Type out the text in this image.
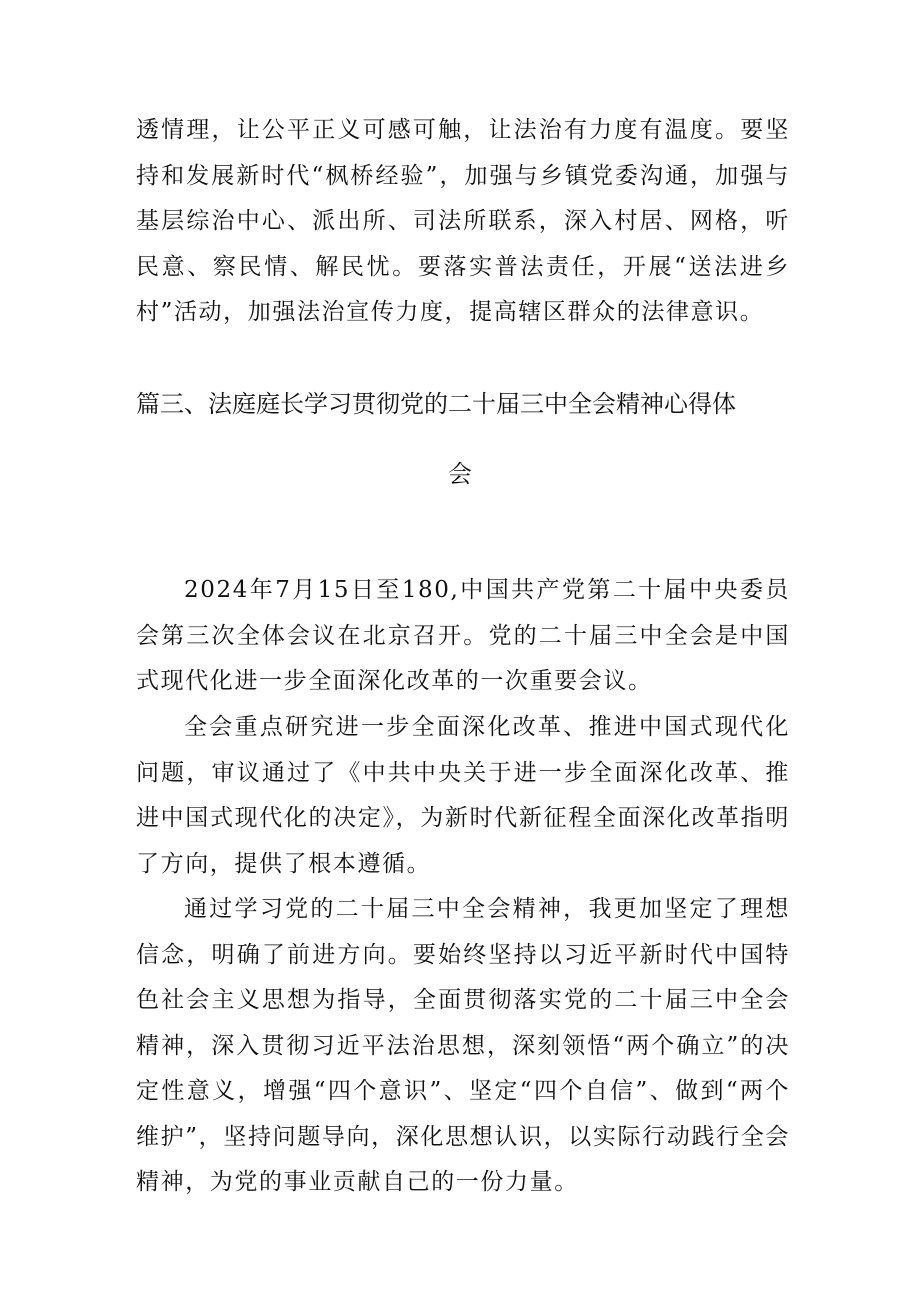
透情理，让公平正义可感可触，让法治有力度有温度。要坚持和发展新时代“枫桥经验”，加强与乡镇党委沟通，加强与基层综治中心、派出所、司法所联系，深入村居、网格，听民意、察民情、解民忧。要落实普法责任，开展“送法进乡村”活动，加强法治宣传力度，提高辖区群众的法律意识。

篇三、法庭庭长学习贯彻党的二十届三中全会精神心得体
会

2024年7月15日至180,中国共产党第二十届中央委员会第三次全体会议在北京召开。党的二十届三中全会是中国式现代化进一步全面深化改革的一次重要会议。

全会重点研究进一步全面深化改革、推进中国式现代化问题，审议通过了《中共中央关于进一步全面深化改革、推进中国式现代化的决定》，为新时代新征程全面深化改革指明了方向，提供了根本遵循。

通过学习党的二十届三中全会精神，我更加坚定了理想信念，明确了前进方向。要始终坚持以习近平新时代中国特色社会主义思想为指导，全面贯彻落实党的二十届三中全会精神，深入贯彻习近平法治思想，深刻领悟“两个确立”的决定性意义，增强“四个意识”、坚定“四个自信”、做到“两个维护”，坚持问题导向，深化思想认识，以实际行动践行全会精神，为党的事业贡献自己的一份力量。
